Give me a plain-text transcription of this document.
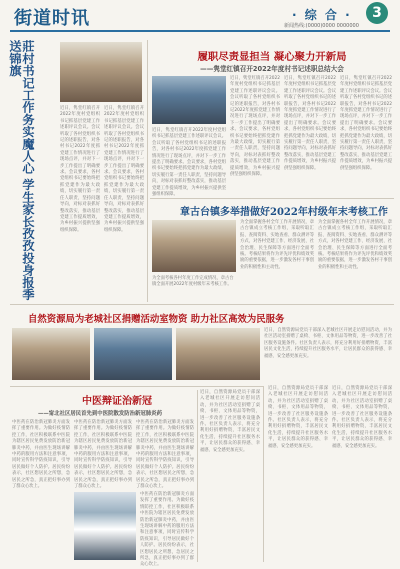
街道时讯	· 综 合 ·	3
新闻热线:(0000)0000 0000000
莊村书记工作务实魔人心 学生家长孜孜投身报季送锦旗
近日，隽堂红镇召开2022年度村党组织书记抓基层党建工作述职评议会议。会议听取了各村党组织书记的述职报告，对各村书记2022年度抓党建工作情况进行了现场点评，并对下一步工作提出了明确要求。会议要求，各村党组织书记要始终把抓党建作为最大政绩，切实履行第一责任人职责，坚持问题导向，对标对表抓好整改落实，推动基层党建工作提质增效，为乡村振兴提供坚强组织保障。
近日，隽堂红镇召开2022年度村党组织书记抓基层党建工作述职评议会议。会议听取了各村党组织书记的述职报告，对各村书记2022年度抓党建工作情况进行了现场点评，并对下一步工作提出了明确要求。会议要求，各村党组织书记要始终把抓党建作为最大政绩，切实履行第一责任人职责，坚持问题导向，对标对表抓好整改落实，推动基层党建工作提质增效，为乡村振兴提供坚强组织保障。
履职尽责显担当 凝心聚力开新局
——隽堂红镇召开2022年度村书记述职总结大会
近日，隽堂红镇召开2022年度村党组织书记抓基层党建工作述职评议会议。会议听取了各村党组织书记的述职报告，对各村书记2022年度抓党建工作情况进行了现场点评，并对下一步工作提出了明确要求。会议要求，各村党组织书记要始终把抓党建作为最大政绩，切实履行第一责任人职责，坚持问题导向，对标对表抓好整改落实，推动基层党建工作提质增效，为乡村振兴提供坚强组织保障。
近日，隽堂红镇召开2022年度村党组织书记抓基层党建工作述职评议会议。会议听取了各村党组织书记的述职报告，对各村书记2022年度抓党建工作情况进行了现场点评，并对下一步工作提出了明确要求。会议要求，各村党组织书记要始终把抓党建作为最大政绩，切实履行第一责任人职责，坚持问题导向，对标对表抓好整改落实，推动基层党建工作提质增效，为乡村振兴提供坚强组织保障。
近日，隽堂红镇召开2022年度村党组织书记抓基层党建工作述职评议会议。会议听取了各村党组织书记的述职报告，对各村书记2022年度抓党建工作情况进行了现场点评，并对下一步工作提出了明确要求。会议要求，各村党组织书记要始终把抓党建作为最大政绩，切实履行第一责任人职责，坚持问题导向，对标对表抓好整改落实，推动基层党建工作提质增效，为乡村振兴提供坚强组织保障。
近日，隽堂红镇召开2022年度村党组织书记抓基层党建工作述职评议会议。会议听取了各村党组织书记的述职报告，对各村书记2022年度抓党建工作情况进行了现场点评，并对下一步工作提出了明确要求。会议要求，各村党组织书记要始终把抓党建作为最大政绩，切实履行第一责任人职责，坚持问题导向，对标对表抓好整改落实，推动基层党建工作提质增效，为乡村振兴提供坚强组织保障。
章古台镇多举措做好2022年村级年末考核工作
为全面考核各村年度工作完成情况，章古台镇全面开展2022年度村级年末考核工作。
为全面掌握各村全年工作开展情况，章古台镇成立考核工作组，采取听取汇报、查阅资料、实地查看、群众测评等方式，对各村党建工作、经济发展、社会治理、民生保障等方面进行全面考核。考核结果将作为评先评优和绩效奖励的重要依据，进一步激发各村干事创业的积极性和主动性。
为全面掌握各村全年工作开展情况，章古台镇成立考核工作组，采取听取汇报、查阅资料、实地查看、群众测评等方式，对各村党建工作、经济发展、社会治理、民生保障等方面进行全面考核。考核结果将作为评先评优和绩效奖励的重要依据，进一步激发各村干事创业的积极性和主动性。
自然资源局为老城社区捐赠活动室物资 助力社区高效为民服务
近日，自然资源局党员干部深入老城社区开展走访慰问活动，并为社区活动室捐赠了桌椅、书柜、文体用品等物资，进一步改善了社区服务设施条件。社区负责人表示，将充分利用好捐赠物资，丰富居民文化生活，持续提升社区服务水平，让居民群众的获得感、幸福感、安全感更加充实。
中医辩证治新冠
——甯北社区居民首先到中医院散发防治新冠肺炎药
中医药在防治新冠肺炎方面发挥了重要作用。为做好疫情防控工作，社区积极联系中医院为辖区居民免费发放防治新冠肺炎中药，并由医生现场讲解中药的服用方法和注意事项，同时宣传科学防疫知识，引导居民做好个人防护。居民纷纷表示，社区想居民之所想，急居民之所急，真正把好事办到了群众心坎上。
中医药在防治新冠肺炎方面发挥了重要作用。为做好疫情防控工作，社区积极联系中医院为辖区居民免费发放防治新冠肺炎中药，并由医生现场讲解中药的服用方法和注意事项，同时宣传科学防疫知识，引导居民做好个人防护。居民纷纷表示，社区想居民之所想，急居民之所急，真正把好事办到了群众心坎上。
中医药在防治新冠肺炎方面发挥了重要作用。为做好疫情防控工作，社区积极联系中医院为辖区居民免费发放防治新冠肺炎中药，并由医生现场讲解中药的服用方法和注意事项，同时宣传科学防疫知识，引导居民做好个人防护。居民纷纷表示，社区想居民之所想，急居民之所急，真正把好事办到了群众心坎上。
中医药在防治新冠肺炎方面发挥了重要作用。为做好疫情防控工作，社区积极联系中医院为辖区居民免费发放防治新冠肺炎中药，并由医生现场讲解中药的服用方法和注意事项，同时宣传科学防疫知识，引导居民做好个人防护。居民纷纷表示，社区想居民之所想，急居民之所急，真正把好事办到了群众心坎上。
近日，自然资源局党员干部深入老城社区开展走访慰问活动，并为社区活动室捐赠了桌椅、书柜、文体用品等物资，进一步改善了社区服务设施条件。社区负责人表示，将充分利用好捐赠物资，丰富居民文化生活，持续提升社区服务水平，让居民群众的获得感、幸福感、安全感更加充实。
近日，自然资源局党员干部深入老城社区开展走访慰问活动，并为社区活动室捐赠了桌椅、书柜、文体用品等物资，进一步改善了社区服务设施条件。社区负责人表示，将充分利用好捐赠物资，丰富居民文化生活，持续提升社区服务水平，让居民群众的获得感、幸福感、安全感更加充实。
近日，自然资源局党员干部深入老城社区开展走访慰问活动，并为社区活动室捐赠了桌椅、书柜、文体用品等物资，进一步改善了社区服务设施条件。社区负责人表示，将充分利用好捐赠物资，丰富居民文化生活，持续提升社区服务水平，让居民群众的获得感、幸福感、安全感更加充实。
